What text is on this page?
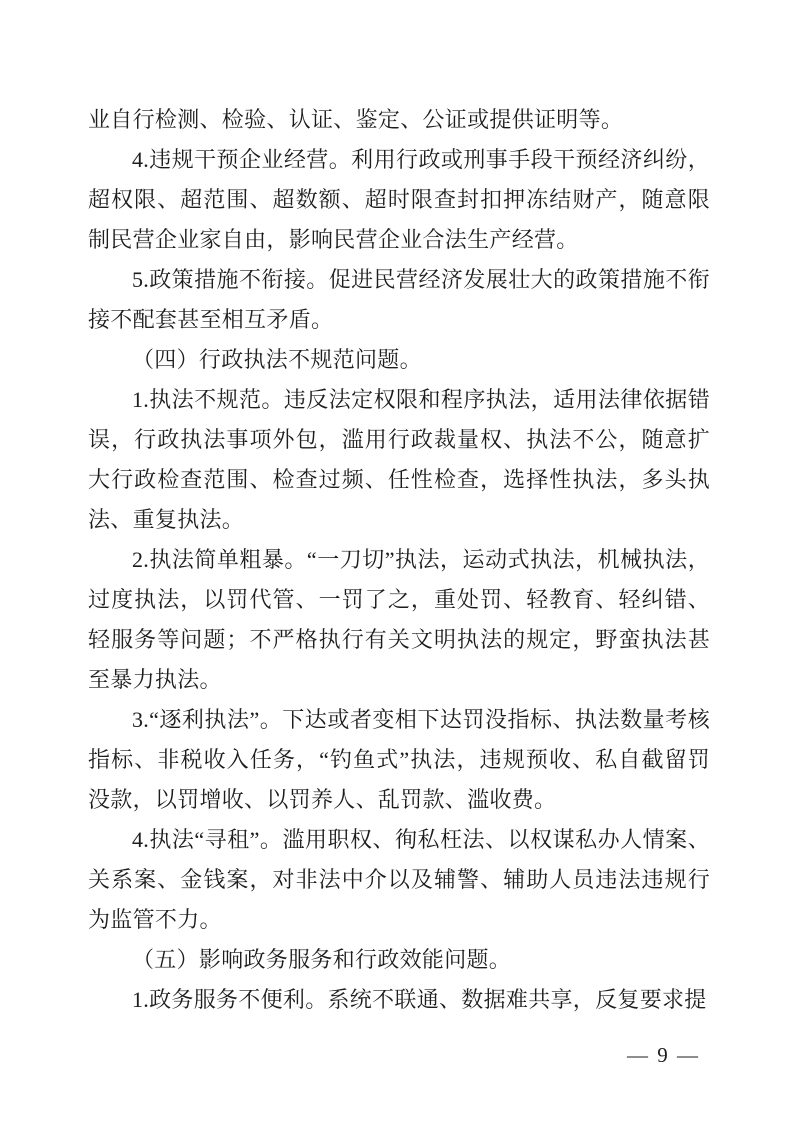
业自行检测、检验、认证、鉴定、公证或提供证明等。

4.违规干预企业经营。利用行政或刑事手段干预经济纠纷，超权限、超范围、超数额、超时限查封扣押冻结财产，随意限制民营企业家自由，影响民营企业合法生产经营。

5.政策措施不衔接。促进民营经济发展壮大的政策措施不衔接不配套甚至相互矛盾。

（四）行政执法不规范问题。

1.执法不规范。违反法定权限和程序执法，适用法律依据错误，行政执法事项外包，滥用行政裁量权、执法不公，随意扩大行政检查范围、检查过频、任性检查，选择性执法，多头执法、重复执法。

2.执法简单粗暴。“一刀切”执法，运动式执法，机械执法，过度执法，以罚代管、一罚了之，重处罚、轻教育、轻纠错、轻服务等问题；不严格执行有关文明执法的规定，野蛮执法甚至暴力执法。

3.“逐利执法”。下达或者变相下达罚没指标、执法数量考核指标、非税收入任务，“钓鱼式”执法，违规预收、私自截留罚没款，以罚增收、以罚养人、乱罚款、滥收费。

4.执法“寻租”。滥用职权、徇私枉法、以权谋私办人情案、关系案、金钱案，对非法中介以及辅警、辅助人员违法违规行为监管不力。

（五）影响政务服务和行政效能问题。

1.政务服务不便利。系统不联通、数据难共享，反复要求提

— 9 —
